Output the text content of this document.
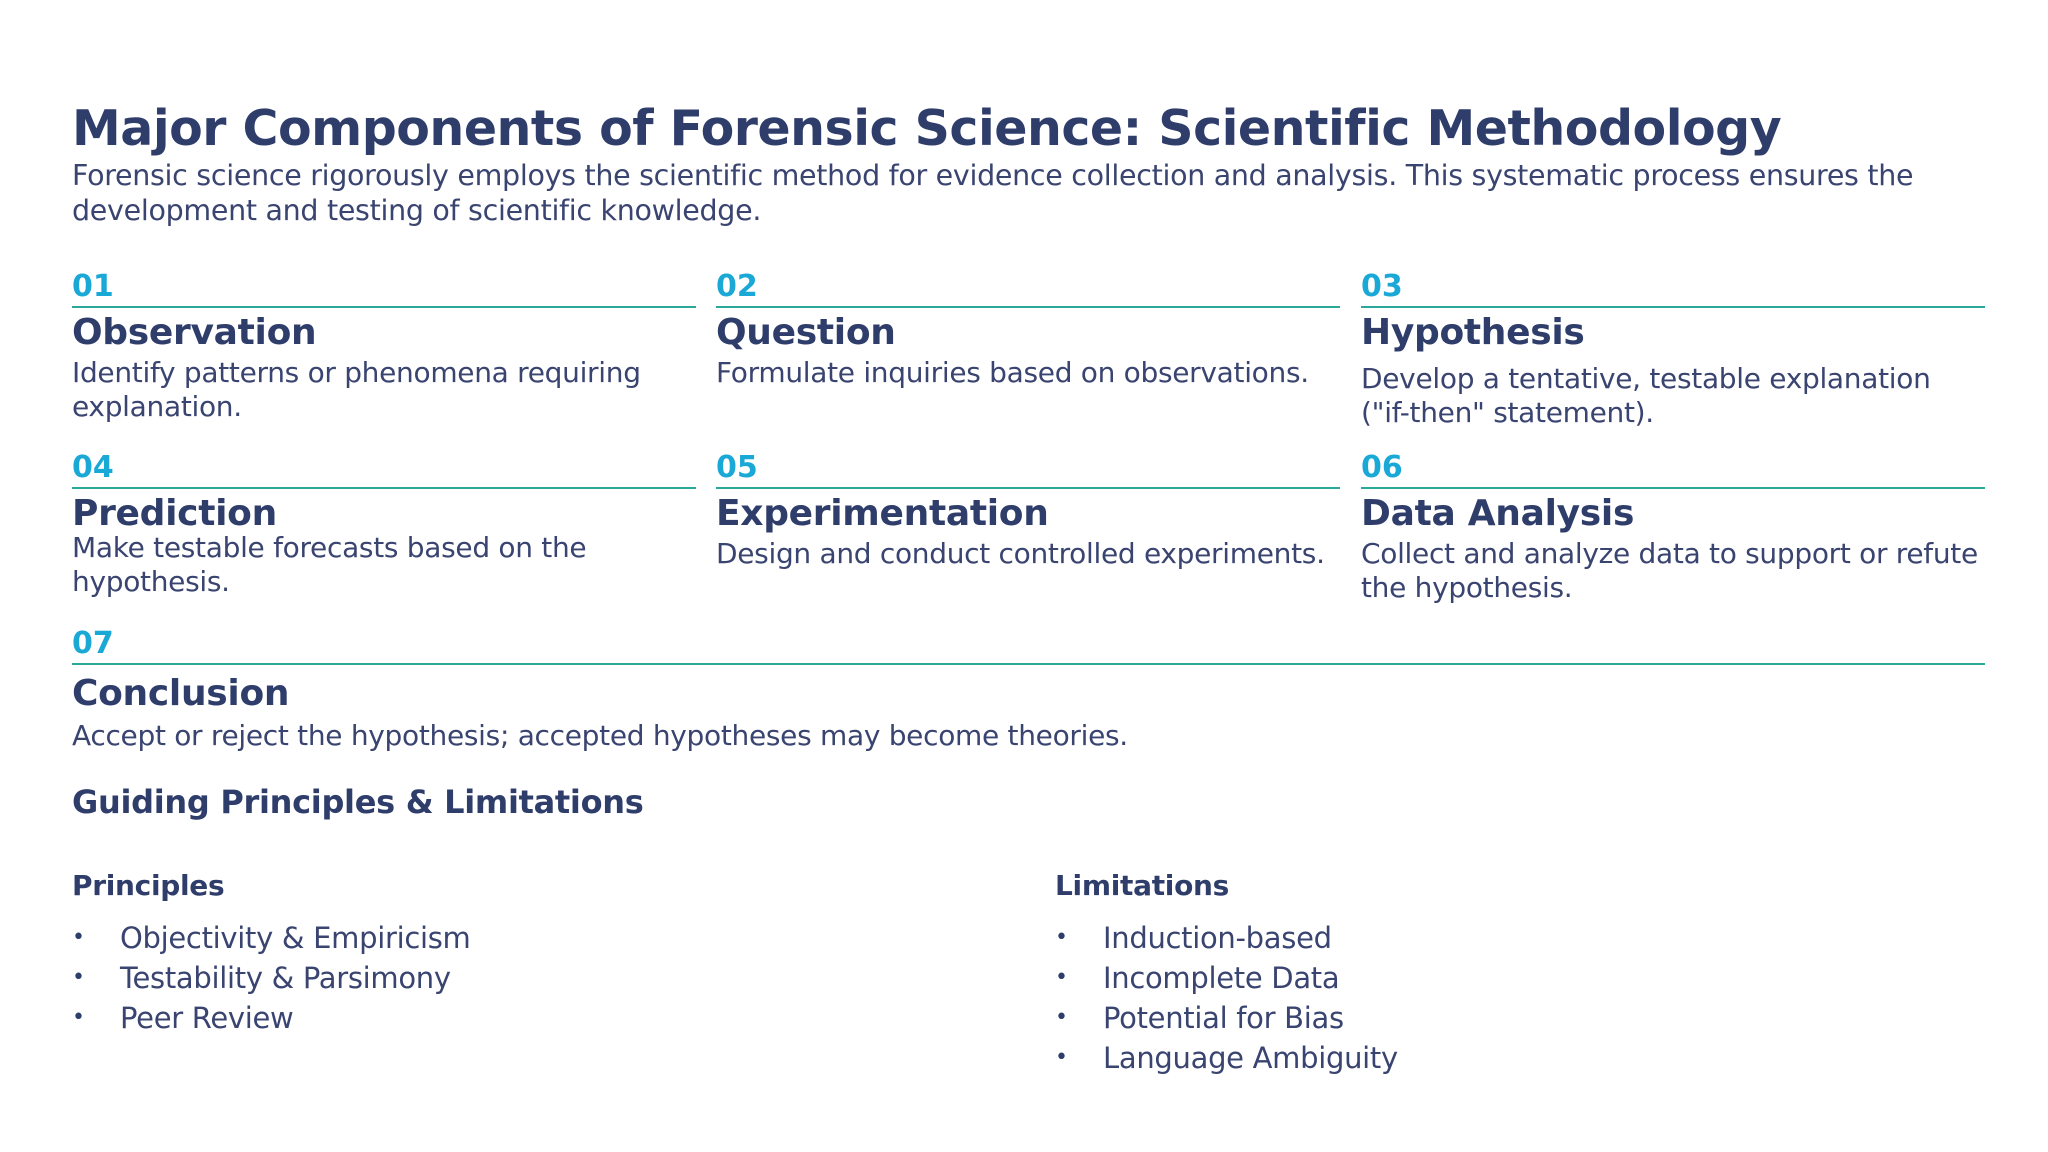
Major Components of Forensic Science: Scientific Methodology

Forensic science rigorously employs the scientific method for evidence collection and analysis. This systematic process ensures the development and testing of scientific knowledge.

01
Observation
Identify patterns or phenomena requiring explanation.
02
Question
Formulate inquiries based on observations.
03
Hypothesis
Develop a tentative, testable explanation ("if-then" statement).
04
Prediction
Make testable forecasts based on the hypothesis.
05
Experimentation
Design and conduct controlled experiments.
06
Data Analysis
Collect and analyze data to support or refute the hypothesis.
07
Conclusion
Accept or reject the hypothesis; accepted hypotheses may become theories.
Guiding Principles & Limitations
Principles
• Objectivity & Empiricism
• Testability & Parsimony
• Peer Review
Limitations
• Induction-based
• Incomplete Data
• Potential for Bias
• Language Ambiguity
